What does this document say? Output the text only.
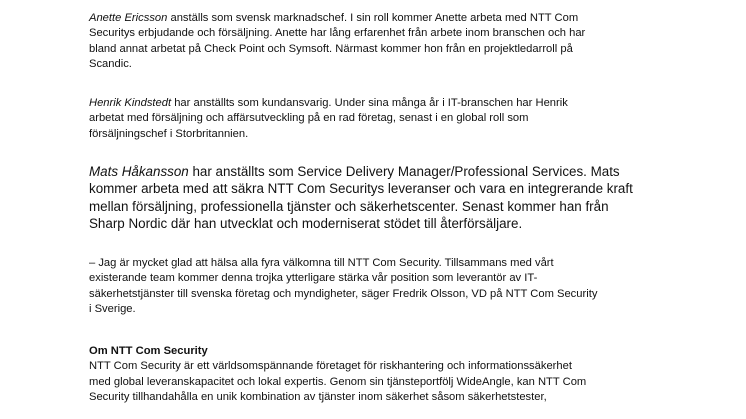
Anette Ericsson anställs som svensk marknadschef. I sin roll kommer Anette arbeta med NTT Com
Securitys erbjudande och försäljning. Anette har lång erfarenhet från arbete inom branschen och har
bland annat arbetat på Check Point och Symsoft. Närmast kommer hon från en projektledarroll på
Scandic.

Henrik Kindstedt har anställts som kundansvarig. Under sina många år i IT-branschen har Henrik
arbetat med försäljning och affärsutveckling på en rad företag, senast i en global roll som
försäljningschef i Storbritannien.

Mats Håkansson har anställts som Service Delivery Manager/Professional Services. Mats
kommer arbeta med att säkra NTT Com Securitys leveranser och vara en integrerande kraft
mellan försäljning, professionella tjänster och säkerhetscenter. Senast kommer han från
Sharp Nordic där han utvecklat och moderniserat stödet till återförsäljare.

– Jag är mycket glad att hälsa alla fyra välkomna till NTT Com Security. Tillsammans med vårt
existerande team kommer denna trojka ytterligare stärka vår position som leverantör av IT-
säkerhetstjänster till svenska företag och myndigheter, säger Fredrik Olsson, VD på NTT Com Security
i Sverige.

Om NTT Com Security
NTT Com Security är ett världsomspännande företaget för riskhantering och informationssäkerhet
med global leveranskapacitet och lokal expertis. Genom sin tjänsteportfölj WideAngle, kan NTT Com
Security tillhandahålla en unik kombination av tjänster inom säkerhet såsom säkerhetstester,
